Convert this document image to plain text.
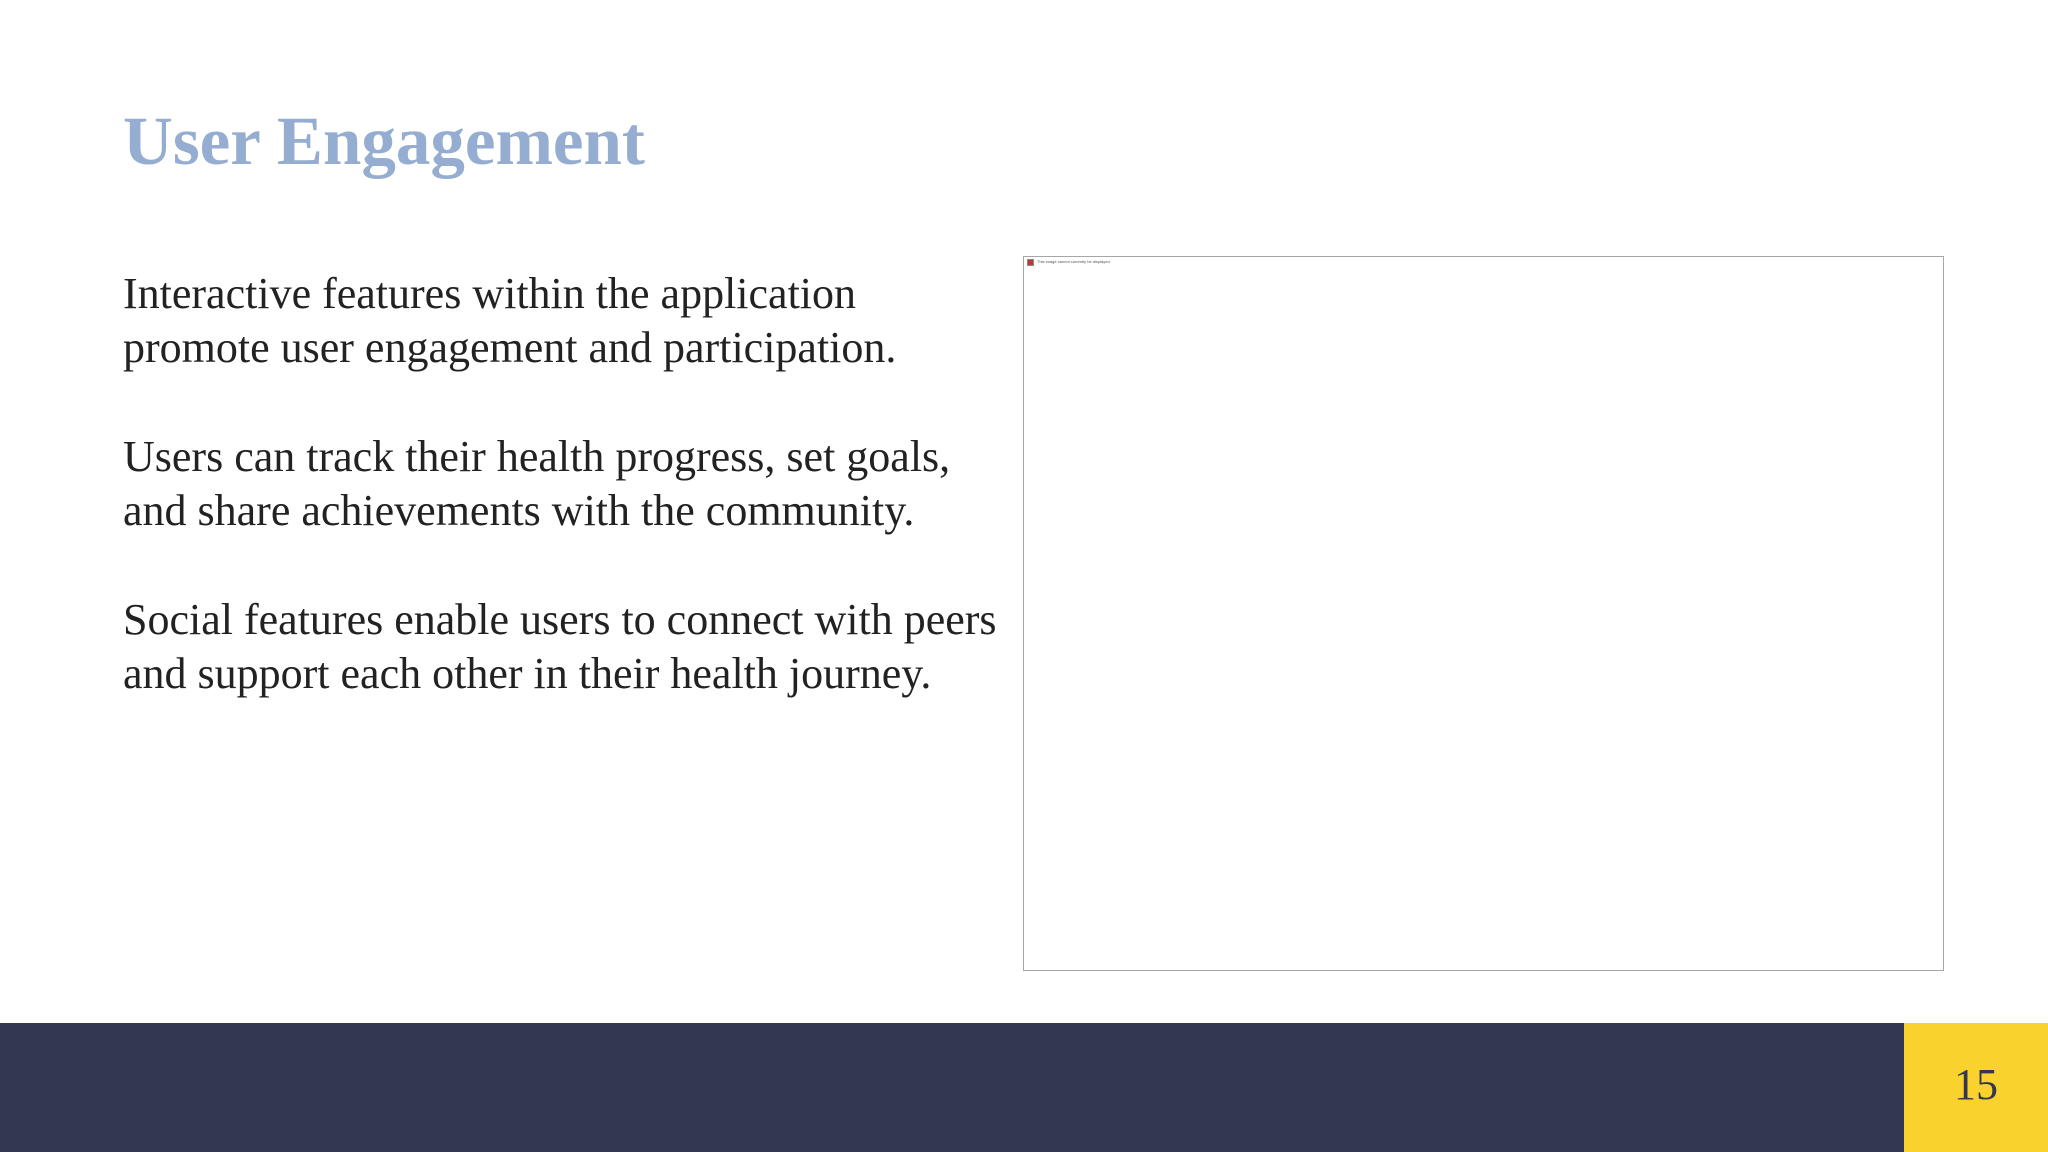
User Engagement

Interactive features within the application promote user engagement and participation.

Users can track their health progress, set goals, and share achievements with the community.

Social features enable users to connect with peers and support each other in their health journey.

This image cannot currently be displayed.
15
